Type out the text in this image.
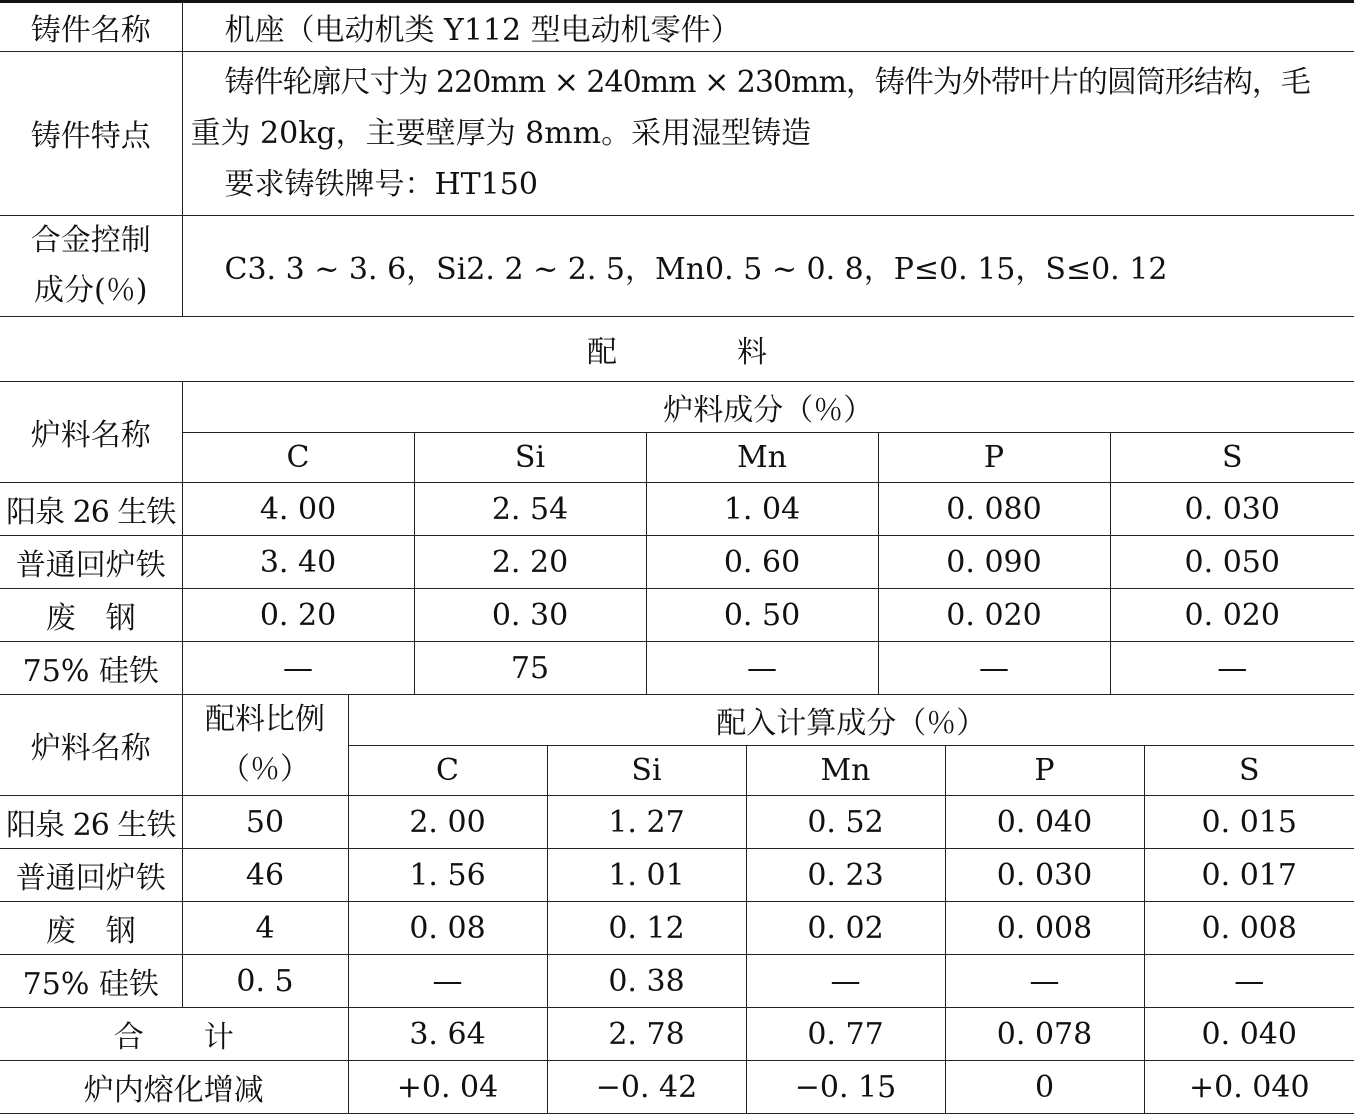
铸件名称	机座（电动机类 Y112 型电动机零件）
铸件特点	铸件轮廓尺寸为 220mm × 240mm × 230mm，铸件为外带叶片的圆筒形结构，毛
重为 20kg，主要壁厚为 8mm。采用湿型铸造
要求铸铁牌号：HT150

合金控制
成分(％)	C3. 3 ~ 3. 6，Si2. 2 ~ 2. 5，Mn0. 5 ~ 0. 8，P≤0. 15，S≤0. 12
配　　　　料
炉料名称	炉料成分（％）				
	C	Si	Mn	P	S
阳泉 26 生铁	4. 00	2. 54	1. 04	0. 080	0. 030
普通回炉铁	3. 40	2. 20	0. 60	0. 090	0. 050
废　钢	0. 20	0. 30	0. 50	0. 020	0. 020
75% 硅铁	—	75	—	—	—
炉料名称	配料比例
（％）	配入计算成分（％）				
		C	Si	Mn	P	S
阳泉 26 生铁	50	2. 00	1. 27	0. 52	0. 040	0. 015
普通回炉铁	46	1. 56	1. 01	0. 23	0. 030	0. 017
废　钢	4	0. 08	0. 12	0. 02	0. 008	0. 008
75% 硅铁	0. 5	—	0. 38	—	—	—
合　　计		3. 64	2. 78	0. 77	0. 078	0. 040
炉内熔化增减		+0. 04	−0. 42	−0. 15	0	+0. 040
